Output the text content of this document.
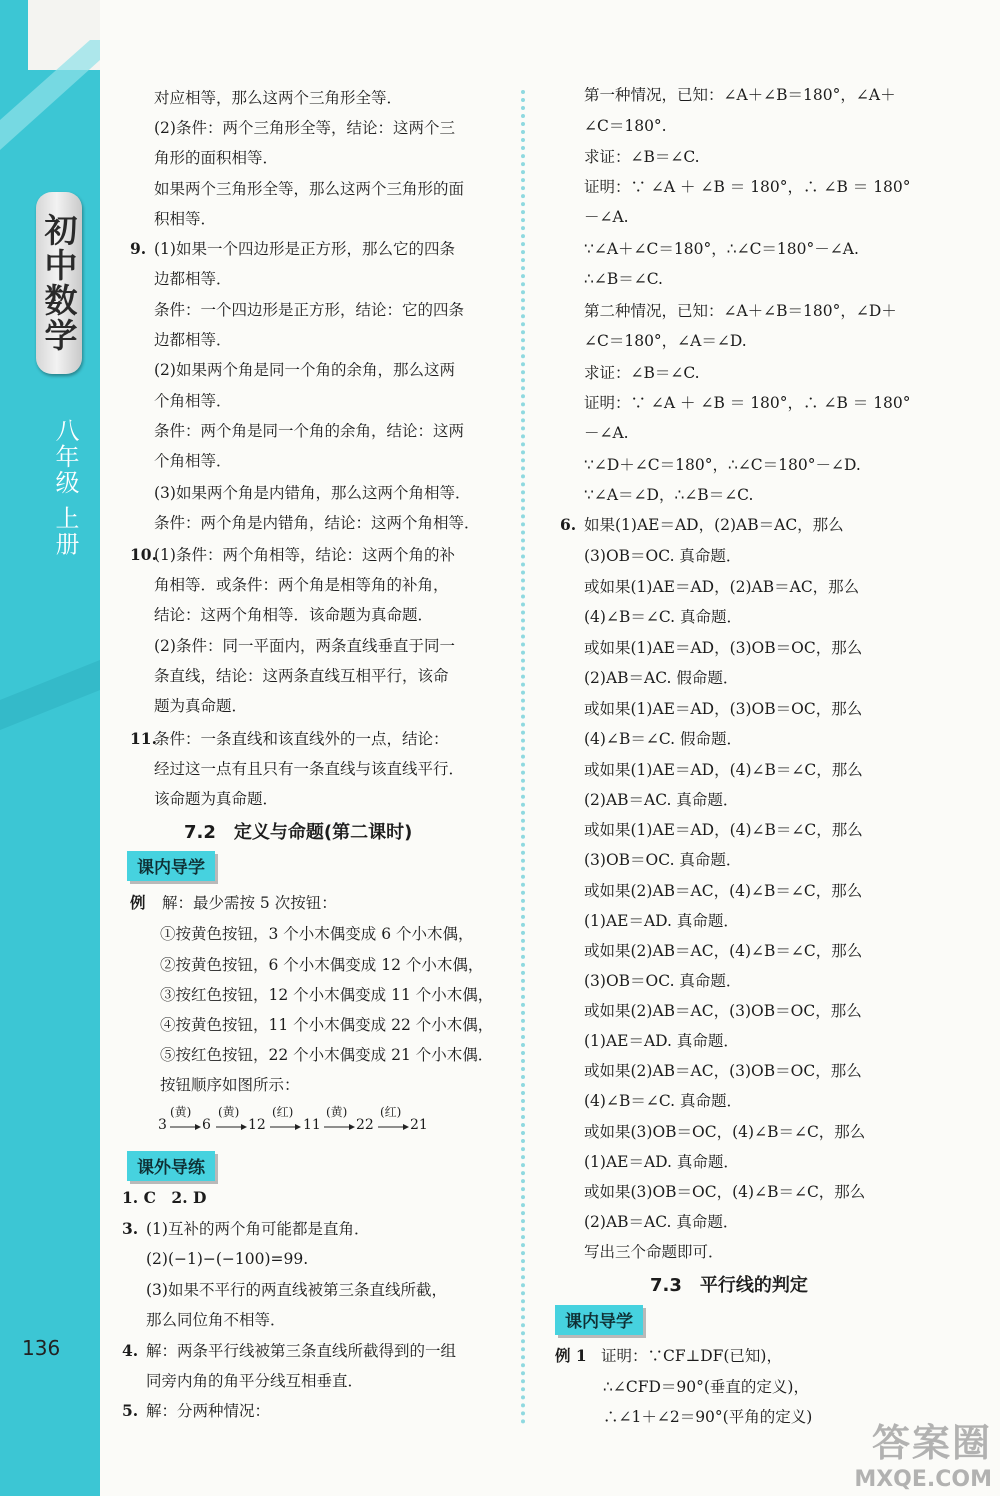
初中数学
八年级 上册
136
对应相等，那么这两个三角形全等．
(2)条件：两个三角形全等，结论：这两个三
角形的面积相等．
如果两个三角形全等，那么这两个三角形的面
积相等．
9. (1)如果一个四边形是正方形，那么它的四条
边都相等．
条件：一个四边形是正方形，结论：它的四条
边都相等．
(2)如果两个角是同一个角的余角，那么这两
个角相等．
条件：两个角是同一个角的余角，结论：这两
个角相等．
(3)如果两个角是内错角，那么这两个角相等．
条件：两个角是内错角，结论：这两个角相等．
10.
(1)条件：两个角相等，结论：这两个角的补
角相等．或条件：两个角是相等角的补角，
结论：这两个角相等．该命题为真命题．
(2)条件：同一平面内，两条直线垂直于同一
条直线，结论：这两条直线互相平行，该命
题为真命题．
11.
条件：一条直线和该直线外的一点，结论：
经过这一点有且只有一条直线与该直线平行．
该命题为真命题．
7.2　定义与命题(第二课时)
课内导学
例 解：最少需按 5 次按钮：
①按黄色按钮，3 个小木偶变成 6 个小木偶，
②按黄色按钮，6 个小木偶变成 12 个小木偶，
③按红色按钮，12 个小木偶变成 11 个小木偶，
④按黄色按钮，11 个小木偶变成 22 个小木偶，
⑤按红色按钮，22 个小木偶变成 21 个小木偶．
按钮顺序如图所示：
3	6	12	11	22	21
(黄) (黄)	(红)	(黄)	(红)
课外导练
1. C　2. D
3. (1)互补的两个角可能都是直角．
(2)(−1)−(−100)=99.
(3)如果不平行的两直线被第三条直线所截，
那么同位角不相等．
4. 解：两条平行线被第三条直线所截得到的一组
同旁内角的角平分线互相垂直．
5. 解：分两种情况：
第一种情况，已知：∠A＋∠B＝180°，∠A＋
∠C＝180°.
求证：∠B＝∠C.
证明：∵ ∠A ＋ ∠B ＝ 180°，∴ ∠B ＝ 180°
－∠A.
∵∠A＋∠C＝180°，∴∠C＝180°－∠A.
∴∠B＝∠C.
第二种情况，已知：∠A＋∠B＝180°，∠D＋
∠C＝180°，∠A＝∠D.
求证：∠B＝∠C.
证明：∵ ∠A ＋ ∠B ＝ 180°，∴ ∠B ＝ 180°
－∠A.
∵∠D＋∠C＝180°，∴∠C＝180°－∠D.
∵∠A＝∠D，∴∠B＝∠C.
6. 如果(1)AE＝AD，(2)AB＝AC，那么
(3)OB＝OC. 真命题．
或如果(1)AE＝AD，(2)AB＝AC，那么
(4)∠B＝∠C. 真命题．
或如果(1)AE＝AD，(3)OB＝OC，那么
(2)AB＝AC. 假命题．
或如果(1)AE＝AD，(3)OB＝OC，那么
(4)∠B＝∠C. 假命题．
或如果(1)AE＝AD，(4)∠B＝∠C，那么
(2)AB＝AC. 真命题．
或如果(1)AE＝AD，(4)∠B＝∠C，那么
(3)OB＝OC. 真命题．
或如果(2)AB＝AC，(4)∠B＝∠C，那么
(1)AE＝AD. 真命题．
或如果(2)AB＝AC，(4)∠B＝∠C，那么
(3)OB＝OC. 真命题．
或如果(2)AB＝AC，(3)OB＝OC，那么
(1)AE＝AD. 真命题．
或如果(2)AB＝AC，(3)OB＝OC，那么
(4)∠B＝∠C. 真命题．
或如果(3)OB＝OC，(4)∠B＝∠C，那么
(1)AE＝AD. 真命题．
或如果(3)OB＝OC，(4)∠B＝∠C，那么
(2)AB＝AC. 真命题．
写出三个命题即可．
7.3　平行线的判定
课内导学
例 1 证明：∵CF⊥DF(已知)，
∴∠CFD＝90°(垂直的定义)，
∴∠1＋∠2＝90°(平角的定义)
答案圈
MXQE.COM
